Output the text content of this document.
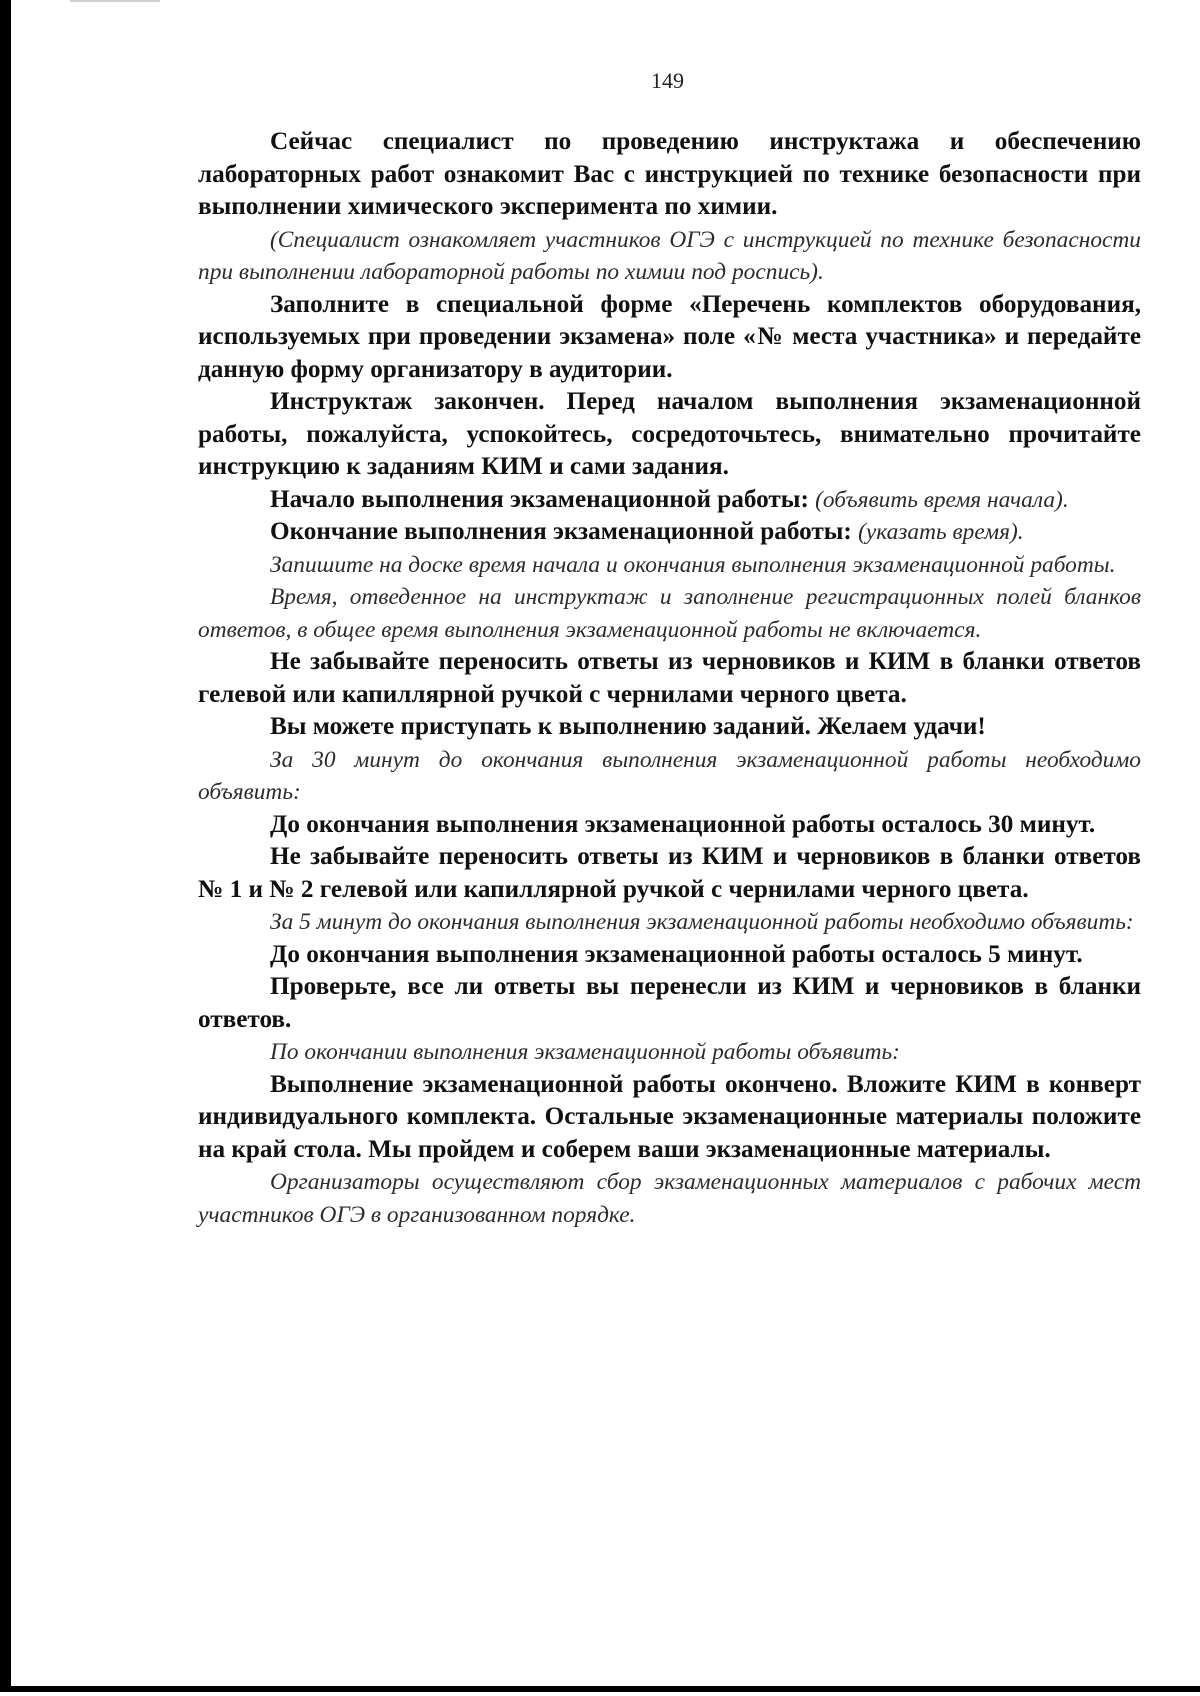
149

Сейчас специалист по проведению инструктажа и обеспечению лабораторных работ ознакомит Вас с инструкцией по технике безопасности при выполнении химического эксперимента по химии.

(Специалист ознакомляет участников ОГЭ с инструкцией по технике безопасности при выполнении лабораторной работы по химии под роспись).

Заполните в специальной форме «Перечень комплектов оборудования, используемых при проведении экзамена» поле «№ места участника» и передайте данную форму организатору в аудитории.

Инструктаж закончен. Перед началом выполнения экзаменационной работы, пожалуйста, успокойтесь, сосредоточьтесь, внимательно прочитайте инструкцию к заданиям КИМ и сами задания.

Начало выполнения экзаменационной работы: (объявить время начала).

Окончание выполнения экзаменационной работы: (указать время).

Запишите на доске время начала и окончания выполнения экзаменационной работы.

Время, отведенное на инструктаж и заполнение регистрационных полей бланков ответов, в общее время выполнения экзаменационной работы не включается.

Не забывайте переносить ответы из черновиков и КИМ в бланки ответов гелевой или капиллярной ручкой с чернилами черного цвета.

Вы можете приступать к выполнению заданий. Желаем удачи!

За 30 минут до окончания выполнения экзаменационной работы необходимо объявить:

До окончания выполнения экзаменационной работы осталось 30 минут.

Не забывайте переносить ответы из КИМ и черновиков в бланки ответов № 1 и № 2 гелевой или капиллярной ручкой с чернилами черного цвета.

За 5 минут до окончания выполнения экзаменационной работы необходимо объявить:

До окончания выполнения экзаменационной работы осталось 5 минут.

Проверьте, все ли ответы вы перенесли из КИМ и черновиков в бланки ответов.

По окончании выполнения экзаменационной работы объявить:

Выполнение экзаменационной работы окончено. Вложите КИМ в конверт индивидуального комплекта. Остальные экзаменационные материалы положите на край стола. Мы пройдем и соберем ваши экзаменационные материалы.

Организаторы осуществляют сбор экзаменационных материалов с рабочих мест участников ОГЭ в организованном порядке.
